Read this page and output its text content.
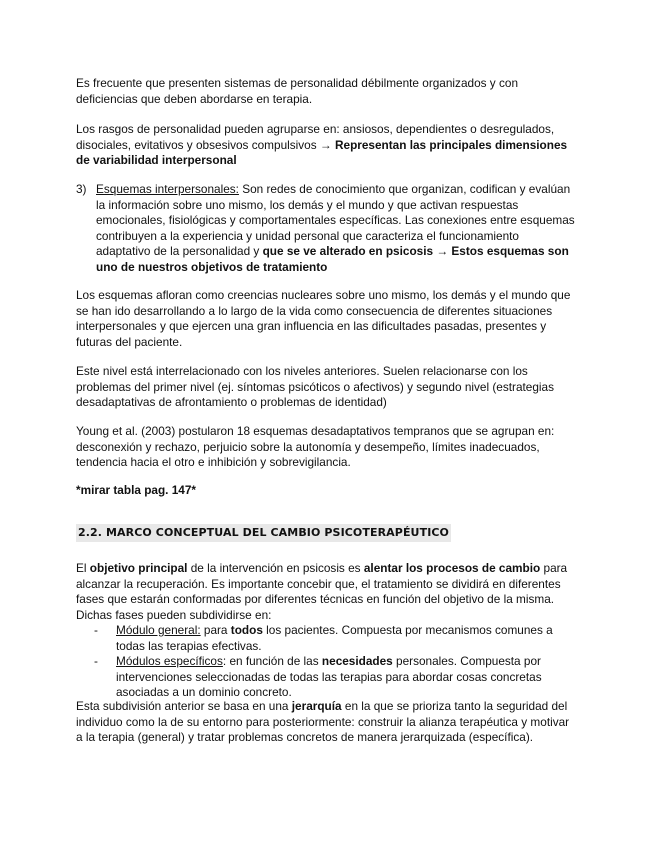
Es frecuente que presenten sistemas de personalidad débilmente organizados y con deficiencias que deben abordarse en terapia.

Los rasgos de personalidad pueden agruparse en: ansiosos, dependientes o desregulados, disociales, evitativos y obsesivos compulsivos → Representan las principales dimensiones de variabilidad interpersonal

3) Esquemas interpersonales: Son redes de conocimiento que organizan, codifican y evalúan la información sobre uno mismo, los demás y el mundo y que activan respuestas emocionales, fisiológicas y comportamentales específicas. Las conexiones entre esquemas contribuyen a la experiencia y unidad personal que caracteriza el funcionamiento adaptativo de la personalidad y que se ve alterado en psicosis → Estos esquemas son uno de nuestros objetivos de tratamiento

Los esquemas afloran como creencias nucleares sobre uno mismo, los demás y el mundo que se han ido desarrollando a lo largo de la vida como consecuencia de diferentes situaciones interpersonales y que ejercen una gran influencia en las dificultades pasadas, presentes y futuras del paciente.

Este nivel está interrelacionado con los niveles anteriores. Suelen relacionarse con los problemas del primer nivel (ej. síntomas psicóticos o afectivos) y segundo nivel (estrategias desadaptativas de afrontamiento o problemas de identidad)

Young et al. (2003) postularon 18 esquemas desadaptativos tempranos que se agrupan en: desconexión y rechazo, perjuicio sobre la autonomía y desempeño, límites inadecuados, tendencia hacia el otro e inhibición y sobrevigilancia.

*mirar tabla pag. 147*

2.2. MARCO CONCEPTUAL DEL CAMBIO PSICOTERAPÉUTICO

El objetivo principal de la intervención en psicosis es alentar los procesos de cambio para alcanzar la recuperación. Es importante concebir que, el tratamiento se dividirá en diferentes fases que estarán conformadas por diferentes técnicas en función del objetivo de la misma. Dichas fases pueden subdividirse en:

- Módulo general: para todos los pacientes. Compuesta por mecanismos comunes a todas las terapias efectivas.
- Módulos específicos: en función de las necesidades personales. Compuesta por intervenciones seleccionadas de todas las terapias para abordar cosas concretas asociadas a un dominio concreto.

Esta subdivisión anterior se basa en una jerarquía en la que se prioriza tanto la seguridad del individuo como la de su entorno para posteriormente: construir la alianza terapéutica y motivar a la terapia (general) y tratar problemas concretos de manera jerarquizada (específica).
